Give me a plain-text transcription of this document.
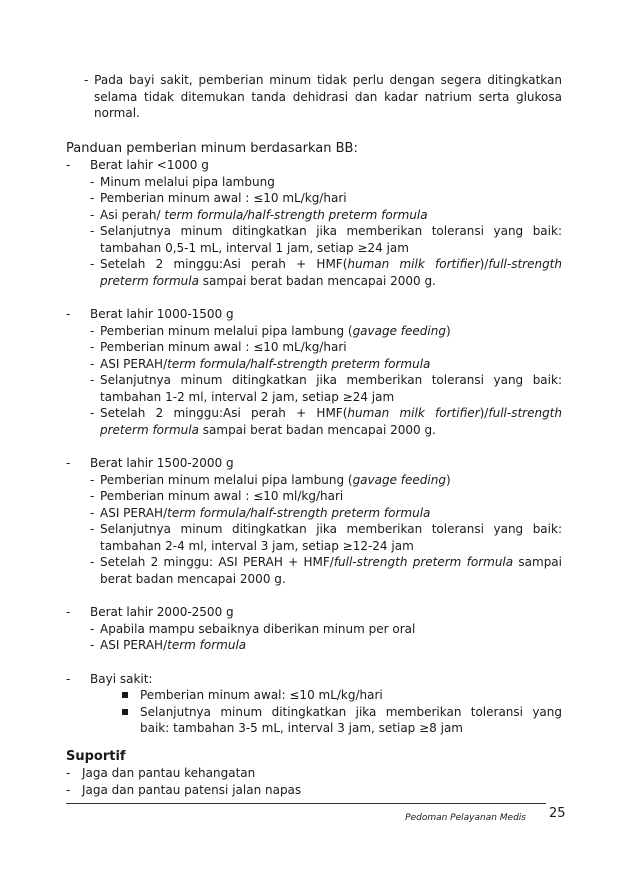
- Pada bayi sakit, pemberian minum tidak perlu dengan segera ditingkatkan selama tidak ditemukan tanda dehidrasi dan kadar natrium serta glukosa normal.
Panduan pemberian minum berdasarkan BB:
- Berat lahir <1000 g
- Minum melalui pipa lambung
- Pemberian minum awal : ≤10 mL/kg/hari
- Asi perah/ term formula/half-strength preterm formula
- Selanjutnya minum ditingkatkan jika memberikan toleransi yang baik: tambahan 0,5-1 mL, interval 1 jam, setiap ≥24 jam
- Setelah 2 minggu:Asi perah + HMF(human milk fortifier)/full-strength preterm formula sampai berat badan mencapai 2000 g.
- Berat lahir 1000-1500 g
- Pemberian minum melalui pipa lambung (gavage feeding)
- Pemberian minum awal : ≤10 mL/kg/hari
- ASI PERAH/term formula/half-strength preterm formula
- Selanjutnya minum ditingkatkan jika memberikan toleransi yang baik: tambahan 1-2 ml, interval 2 jam, setiap ≥24 jam
- Setelah 2 minggu:Asi perah + HMF(human milk fortifier)/full-strength preterm formula sampai berat badan mencapai 2000 g.
- Berat lahir 1500-2000 g
- Pemberian minum melalui pipa lambung (gavage feeding)
- Pemberian minum awal : ≤10 ml/kg/hari
- ASI PERAH/term formula/half-strength preterm formula
- Selanjutnya minum ditingkatkan jika memberikan toleransi yang baik: tambahan 2-4 ml, interval 3 jam, setiap ≥12-24 jam
- Setelah 2 minggu: ASI PERAH + HMF/full-strength preterm formula sampai berat badan mencapai 2000 g.
- Berat lahir 2000-2500 g
- Apabila mampu sebaiknya diberikan minum per oral
- ASI PERAH/term formula
- Bayi sakit:
Pemberian minum awal: ≤10 mL/kg/hari
Selanjutnya minum ditingkatkan jika memberikan toleransi yang baik: tambahan 3-5 mL, interval 3 jam, setiap ≥8 jam
Suportif
- Jaga dan pantau kehangatan
- Jaga dan pantau patensi jalan napas
Pedoman Pelayanan Medis 25
